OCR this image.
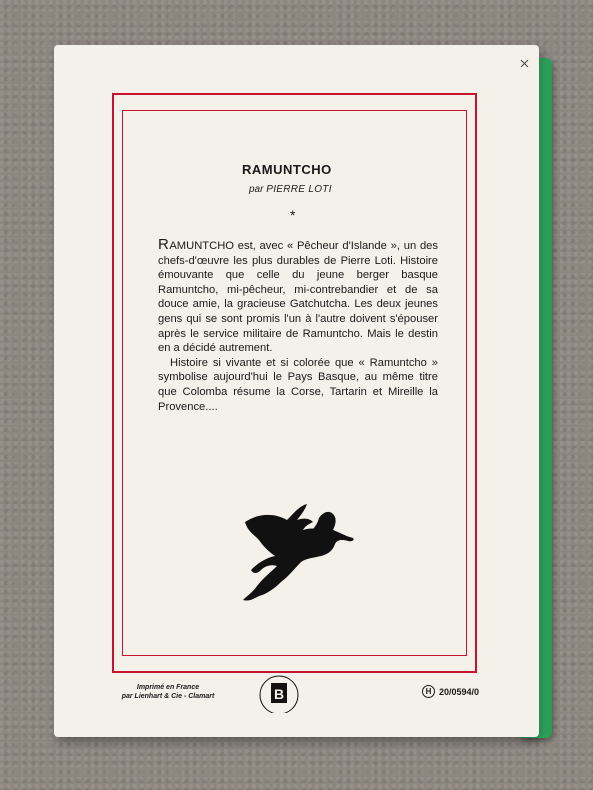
RAMUNTCHO
par PIERRE LOTI
*

RAMUNTCHO est, avec « Pêcheur d'Islande », un des chefs-d'œuvre les plus durables de Pierre Loti. Histoire émouvante que celle du jeune berger basque Ramuntcho, mi-pêcheur, mi-contrebandier et de sa douce amie, la gracieuse Gatchutcha. Les deux jeunes gens qui se sont promis l'un à l'autre doivent s'épouser après le service militaire de Ramuntcho. Mais le destin en a décidé autrement.

Histoire si vivante et si colorée que « Ramuntcho » symbolise aujourd'hui le Pays Basque, au même titre que Colomba résume la Corse, Tartarin et Mireille la Provence....

Imprimé en France
par Lienhart & Cie - Clamart	B	H 20/0594/0
